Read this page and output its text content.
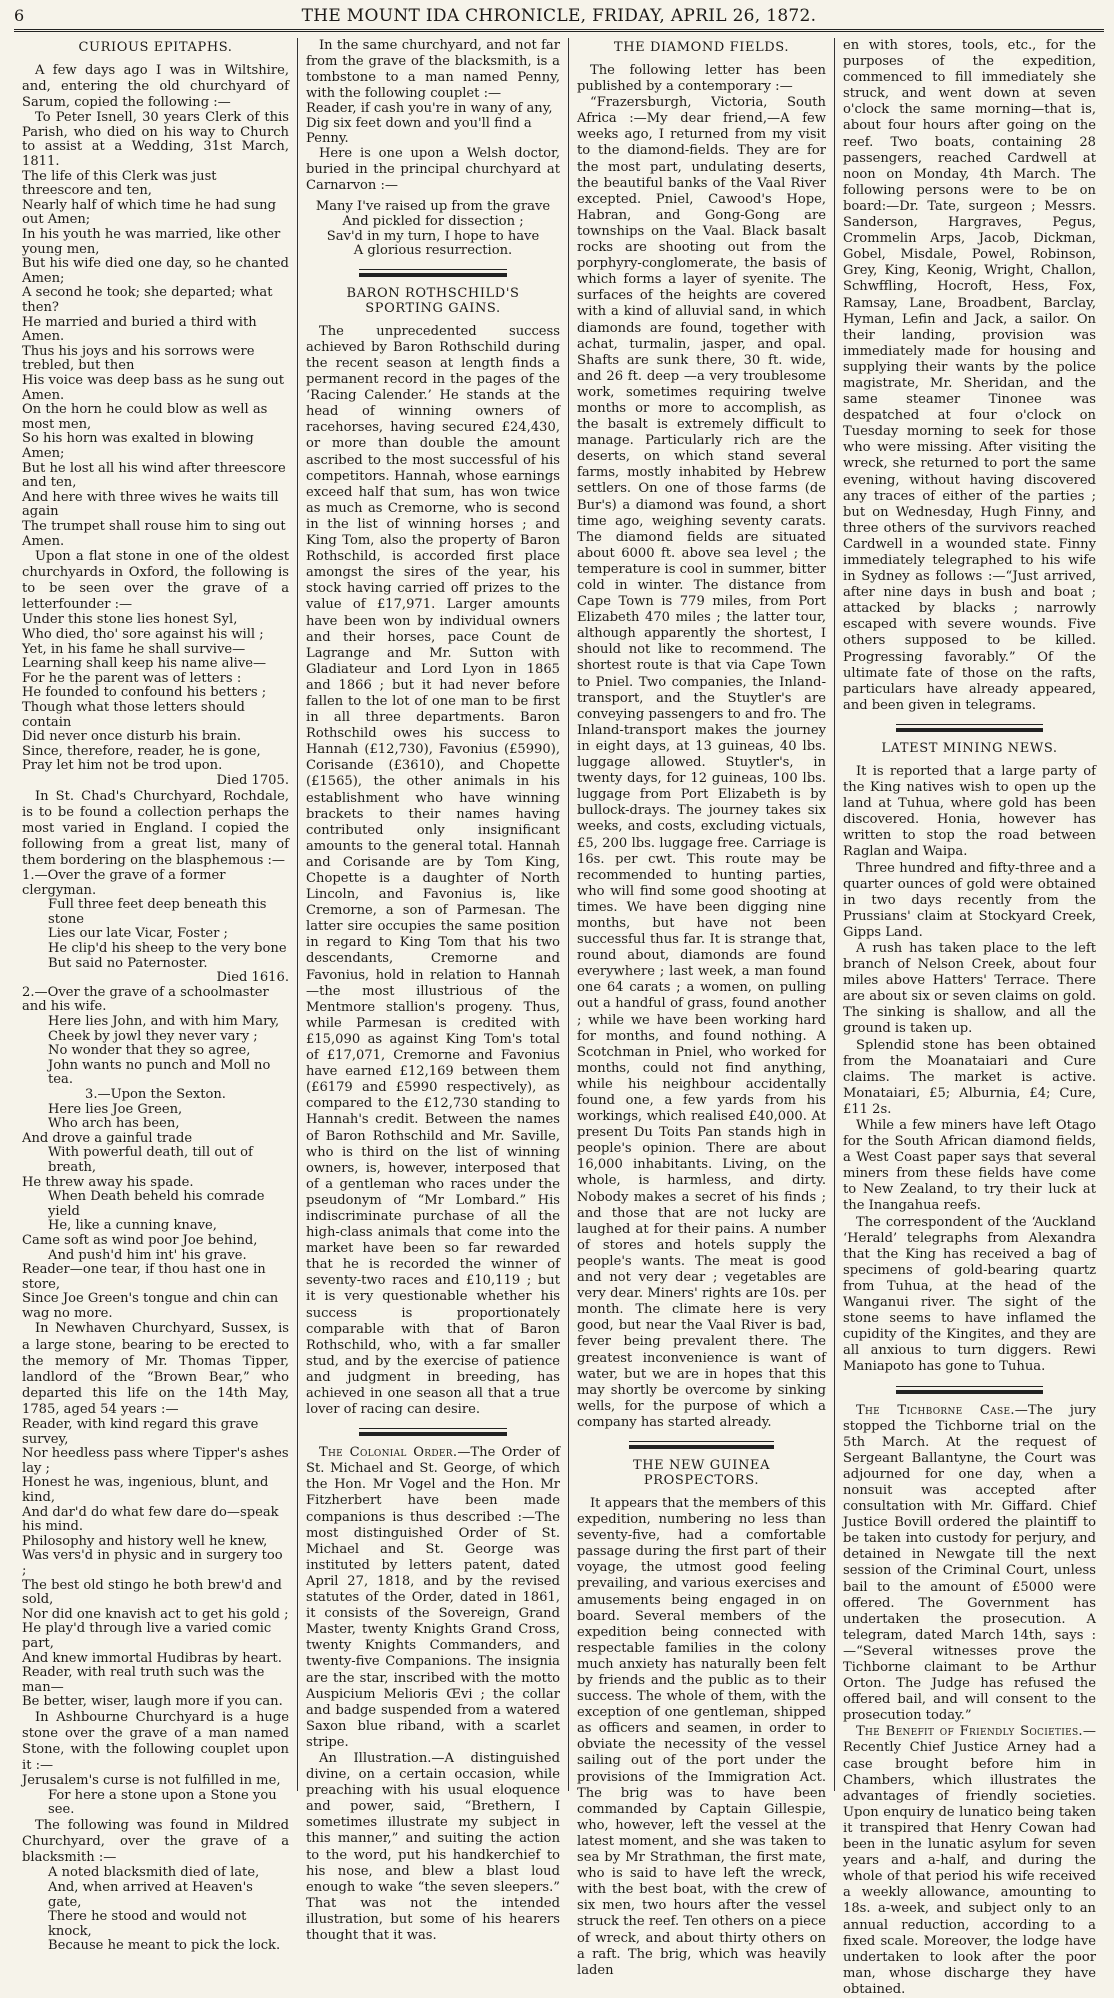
6	THE MOUNT IDA CHRONICLE, FRIDAY, APRIL 26, 1872.
CURIOUS EPITAPHS.

A few days ago I was in Wiltshire, and, entering the old churchyard of Sarum, copied the following :—

To Peter Isnell, 30 years Clerk of this Parish, who died on his way to Church to assist at a Wedding, 31st March, 1811.

The life of this Clerk was just threescore and ten,

Nearly half of which time he had sung out Amen;

In his youth he was married, like other young men,

But his wife died one day, so he chanted Amen;

A second he took; she departed; what then?

He married and buried a third with Amen.

Thus his joys and his sorrows were trebled, but then

His voice was deep bass as he sung out Amen.

On the horn he could blow as well as most men,

So his horn was exalted in blowing Amen;

But he lost all his wind after threescore and ten,

And here with three wives he waits till again

The trumpet shall rouse him to sing out Amen.

Upon a flat stone in one of the oldest churchyards in Oxford, the following is to be seen over the grave of a letterfounder :—

Under this stone lies honest Syl,

Who died, tho' sore against his will ;

Yet, in his fame he shall survive—

Learning shall keep his name alive—

For he the parent was of letters :

He founded to confound his betters ;

Though what those letters should contain

Did never once disturb his brain.

Since, therefore, reader, he is gone,

Pray let him not be trod upon.

Died 1705.

In St. Chad's Churchyard, Rochdale, is to be found a collection perhaps the most varied in England. I copied the following from a great list, many of them bordering on the blasphemous :—

1.—Over the grave of a former clergyman.

Full three feet deep beneath this stone

Lies our late Vicar, Foster ;

He clip'd his sheep to the very bone

But said no Paternoster.

Died 1616.

2.—Over the grave of a schoolmaster and his wife.

Here lies John, and with him Mary,

Cheek by jowl they never vary ;

No wonder that they so agree,

John wants no punch and Moll no tea.

3.—Upon the Sexton.

Here lies Joe Green,

Who arch has been,

And drove a gainful trade

With powerful death, till out of breath,

He threw away his spade.

When Death beheld his comrade yield

He, like a cunning knave,

Came soft as wind poor Joe behind,

And push'd him int' his grave.

Reader—one tear, if thou hast one in store,

Since Joe Green's tongue and chin can wag no more.

In Newhaven Churchyard, Sussex, is a large stone, bearing to be erected to the memory of Mr. Thomas Tipper, landlord of the “Brown Bear,” who departed this life on the 14th May, 1785, aged 54 years :—

Reader, with kind regard this grave survey,

Nor heedless pass where Tipper's ashes lay ;

Honest he was, ingenious, blunt, and kind,

And dar'd do what few dare do—speak his mind.

Philosophy and history well he knew,

Was vers'd in physic and in surgery too ;

The best old stingo he both brew'd and sold,

Nor did one knavish act to get his gold ;

He play'd through live a varied comic part,

And knew immortal Hudibras by heart.

Reader, with real truth such was the man—

Be better, wiser, laugh more if you can.

In Ashbourne Churchyard is a huge stone over the grave of a man named Stone, with the following couplet upon it :—

Jerusalem's curse is not fulfilled in me,

For here a stone upon a Stone you see.

The following was found in Mildred Churchyard, over the grave of a blacksmith :—

A noted blacksmith died of late,

And, when arrived at Heaven's gate,

There he stood and would not knock,

Because he meant to pick the lock.

In the same churchyard, and not far from the grave of the blacksmith, is a tombstone to a man named Penny, with the following couplet :—

Reader, if cash you're in wany of any,

Dig six feet down and you'll find a Penny.

Here is one upon a Welsh doctor, buried in the principal churchyard at Carnarvon :—

Many I've raised up from the grave

And pickled for dissection ;

Sav'd in my turn, I hope to have

A glorious resurrection.

BARON ROTHSCHILD'S SPORTING GAINS.

The unprecedented success achieved by Baron Rothschild during the recent season at length finds a permanent record in the pages of the ‘Racing Calender.’ He stands at the head of winning owners of racehorses, having secured £24,430, or more than double the amount ascribed to the most successful of his competitors. Hannah, whose earnings exceed half that sum, has won twice as much as Cremorne, who is second in the list of winning horses ; and King Tom, also the property of Baron Rothschild, is accorded first place amongst the sires of the year, his stock having carried off prizes to the value of £17,971. Larger amounts have been won by individual owners and their horses, pace Count de Lagrange and Mr. Sutton with Gladiateur and Lord Lyon in 1865 and 1866 ; but it had never before fallen to the lot of one man to be first in all three departments. Baron Rothschild owes his success to Hannah (£12,730), Favonius (£5990), Corisande (£3610), and Chopette (£1565), the other animals in his establishment who have winning brackets to their names having contributed only insignificant amounts to the general total. Hannah and Corisande are by Tom King, Chopette is a daughter of North Lincoln, and Favonius is, like Cremorne, a son of Parmesan. The latter sire occupies the same position in regard to King Tom that his two descendants, Cremorne and Favonius, hold in relation to Hannah—the most illustrious of the Mentmore stallion's progeny. Thus, while Parmesan is credited with £15,090 as against King Tom's total of £17,071, Cremorne and Favonius have earned £12,169 between them (£6179 and £5990 respectively), as compared to the £12,730 standing to Hannah's credit. Between the names of Baron Rothschild and Mr. Saville, who is third on the list of winning owners, is, however, interposed that of a gentleman who races under the pseudonym of “Mr Lombard.” His indiscriminate purchase of all the high-class animals that come into the market have been so far rewarded that he is recorded the winner of seventy-two races and £10,119 ; but it is very questionable whether his success is proportionately comparable with that of Baron Rothschild, who, with a far smaller stud, and by the exercise of patience and judgment in breeding, has achieved in one season all that a true lover of racing can desire.

The Colonial Order.—The Order of St. Michael and St. George, of which the Hon. Mr Vogel and the Hon. Mr Fitzherbert have been made companions is thus described :—The most distinguished Order of St. Michael and St. George was instituted by letters patent, dated April 27, 1818, and by the revised statutes of the Order, dated in 1861, it consists of the Sovereign, Grand Master, twenty Knights Grand Cross, twenty Knights Commanders, and twenty-five Companions. The insignia are the star, inscribed with the motto Auspicium Melioris Œvi ; the collar and badge suspended from a watered Saxon blue riband, with a scarlet stripe.

An Illustration.—A distinguished divine, on a certain occasion, while preaching with his usual eloquence and power, said, “Brethern, I sometimes illustrate my subject in this manner,” and suiting the action to the word, put his handkerchief to his nose, and blew a blast loud enough to wake “the seven sleepers.” That was not the intended illustration, but some of his hearers thought that it was.

THE DIAMOND FIELDS.

The following letter has been published by a contemporary :—

“Frazersburgh, Victoria, South Africa :—My dear friend,—A few weeks ago, I returned from my visit to the diamond-fields. They are for the most part, undulating deserts, the beautiful banks of the Vaal River excepted. Pniel, Cawood's Hope, Habran, and Gong-Gong are townships on the Vaal. Black basalt rocks are shooting out from the porphyry-conglomerate, the basis of which forms a layer of syenite. The surfaces of the heights are covered with a kind of alluvial sand, in which diamonds are found, together with achat, turmalin, jasper, and opal. Shafts are sunk there, 30 ft. wide, and 26 ft. deep —a very troublesome work, sometimes requiring twelve months or more to accomplish, as the basalt is extremely difficult to manage. Particularly rich are the deserts, on which stand several farms, mostly inhabited by Hebrew settlers. On one of those farms (de Bur's) a diamond was found, a short time ago, weighing seventy carats. The diamond fields are situated about 6000 ft. above sea level ; the temperature is cool in summer, bitter cold in winter. The distance from Cape Town is 779 miles, from Port Elizabeth 470 miles ; the latter tour, although apparently the shortest, I should not like to recommend. The shortest route is that via Cape Town to Pniel. Two companies, the Inland-transport, and the Stuytler's are conveying passengers to and fro. The Inland-transport makes the journey in eight days, at 13 guineas, 40 lbs. luggage allowed. Stuytler's, in twenty days, for 12 guineas, 100 lbs. luggage from Port Elizabeth is by bullock-drays. The journey takes six weeks, and costs, excluding victuals, £5, 200 lbs. luggage free. Carriage is 16s. per cwt. This route may be recommended to hunting parties, who will find some good shooting at times. We have been digging nine months, but have not been successful thus far. It is strange that, round about, diamonds are found everywhere ; last week, a man found one 64 carats ; a women, on pulling out a handful of grass, found another ; while we have been working hard for months, and found nothing. A Scotchman in Pniel, who worked for months, could not find anything, while his neighbour accidentally found one, a few yards from his workings, which realised £40,000. At present Du Toits Pan stands high in people's opinion. There are about 16,000 inhabitants. Living, on the whole, is harmless, and dirty. Nobody makes a secret of his finds ; and those that are not lucky are laughed at for their pains. A number of stores and hotels supply the people's wants. The meat is good and not very dear ; vegetables are very dear. Miners' rights are 10s. per month. The climate here is very good, but near the Vaal River is bad, fever being prevalent there. The greatest inconvenience is want of water, but we are in hopes that this may shortly be overcome by sinking wells, for the purpose of which a company has started already.

THE NEW GUINEA PROSPECTORS.

It appears that the members of this expedition, numbering no less than seventy-five, had a comfortable passage during the first part of their voyage, the utmost good feeling prevailing, and various exercises and amusements being engaged in on board. Several members of the expedition being connected with respectable families in the colony much anxiety has naturally been felt by friends and the public as to their success. The whole of them, with the exception of one gentleman, shipped as officers and seamen, in order to obviate the necessity of the vessel sailing out of the port under the provisions of the Immigration Act. The brig was to have been commanded by Captain Gillespie, who, however, left the vessel at the latest moment, and she was taken to sea by Mr Strathman, the first mate, who is said to have left the wreck, with the best boat, with the crew of six men, two hours after the vessel struck the reef. Ten others on a piece of wreck, and about thirty others on a raft. The brig, which was heavily laden

en with stores, tools, etc., for the purposes of the expedition, commenced to fill immediately she struck, and went down at seven o'clock the same morning—that is, about four hours after going on the reef. Two boats, containing 28 passengers, reached Cardwell at noon on Monday, 4th March. The following persons were to be on board:—Dr. Tate, surgeon ; Messrs. Sanderson, Hargraves, Pegus, Crommelin Arps, Jacob, Dickman, Gobel, Misdale, Powel, Robinson, Grey, King, Keonig, Wright, Challon, Schwffling, Hocroft, Hess, Fox, Ramsay, Lane, Broadbent, Barclay, Hyman, Lefin and Jack, a sailor. On their landing, provision was immediately made for housing and supplying their wants by the police magistrate, Mr. Sheridan, and the same steamer Tinonee was despatched at four o'clock on Tuesday morning to seek for those who were missing. After visiting the wreck, she returned to port the same evening, without having discovered any traces of either of the parties ; but on Wednesday, Hugh Finny, and three others of the survivors reached Cardwell in a wounded state. Finny immediately telegraphed to his wife in Sydney as follows :—“Just arrived, after nine days in bush and boat ; attacked by blacks ; narrowly escaped with severe wounds. Five others supposed to be killed. Progressing favorably.” Of the ultimate fate of those on the rafts, particulars have already appeared, and been given in telegrams.

LATEST MINING NEWS.

It is reported that a large party of the King natives wish to open up the land at Tuhua, where gold has been discovered. Honia, however has written to stop the road between Raglan and Waipa.

Three hundred and fifty-three and a quarter ounces of gold were obtained in two days recently from the Prussians' claim at Stockyard Creek, Gipps Land.

A rush has taken place to the left branch of Nelson Creek, about four miles above Hatters' Terrace. There are about six or seven claims on gold. The sinking is shallow, and all the ground is taken up.

Splendid stone has been obtained from the Moanataiari and Cure claims. The market is active. Monataiari, £5; Alburnia, £4; Cure, £11 2s.

While a few miners have left Otago for the South African diamond fields, a West Coast paper says that several miners from these fields have come to New Zealand, to try their luck at the Inangahua reefs.

The correspondent of the ‘Auckland ‘Herald’ telegraphs from Alexandra that the King has received a bag of specimens of gold-bearing quartz from Tuhua, at the head of the Wanganui river. The sight of the stone seems to have inflamed the cupidity of the Kingites, and they are all anxious to turn diggers. Rewi Maniapoto has gone to Tuhua.

The Tichborne Case.—The jury stopped the Tichborne trial on the 5th March. At the request of Sergeant Ballantyne, the Court was adjourned for one day, when a nonsuit was accepted after consultation with Mr. Giffard. Chief Justice Bovill ordered the plaintiff to be taken into custody for perjury, and detained in Newgate till the next session of the Criminal Court, unless bail to the amount of £5000 were offered. The Government has undertaken the prosecution. A telegram, dated March 14th, says :—“Several witnesses prove the Tichborne claimant to be Arthur Orton. The Judge has refused the offered bail, and will consent to the prosecution today.”

The Benefit of Friendly Societies.—Recently Chief Justice Arney had a case brought before him in Chambers, which illustrates the advantages of friendly societies. Upon enquiry de lunatico being taken it transpired that Henry Cowan had been in the lunatic asylum for seven years and a-half, and during the whole of that period his wife received a weekly allowance, amounting to 18s. a-week, and subject only to an annual reduction, according to a fixed scale. Moreover, the lodge have undertaken to look after the poor man, whose discharge they have obtained.
